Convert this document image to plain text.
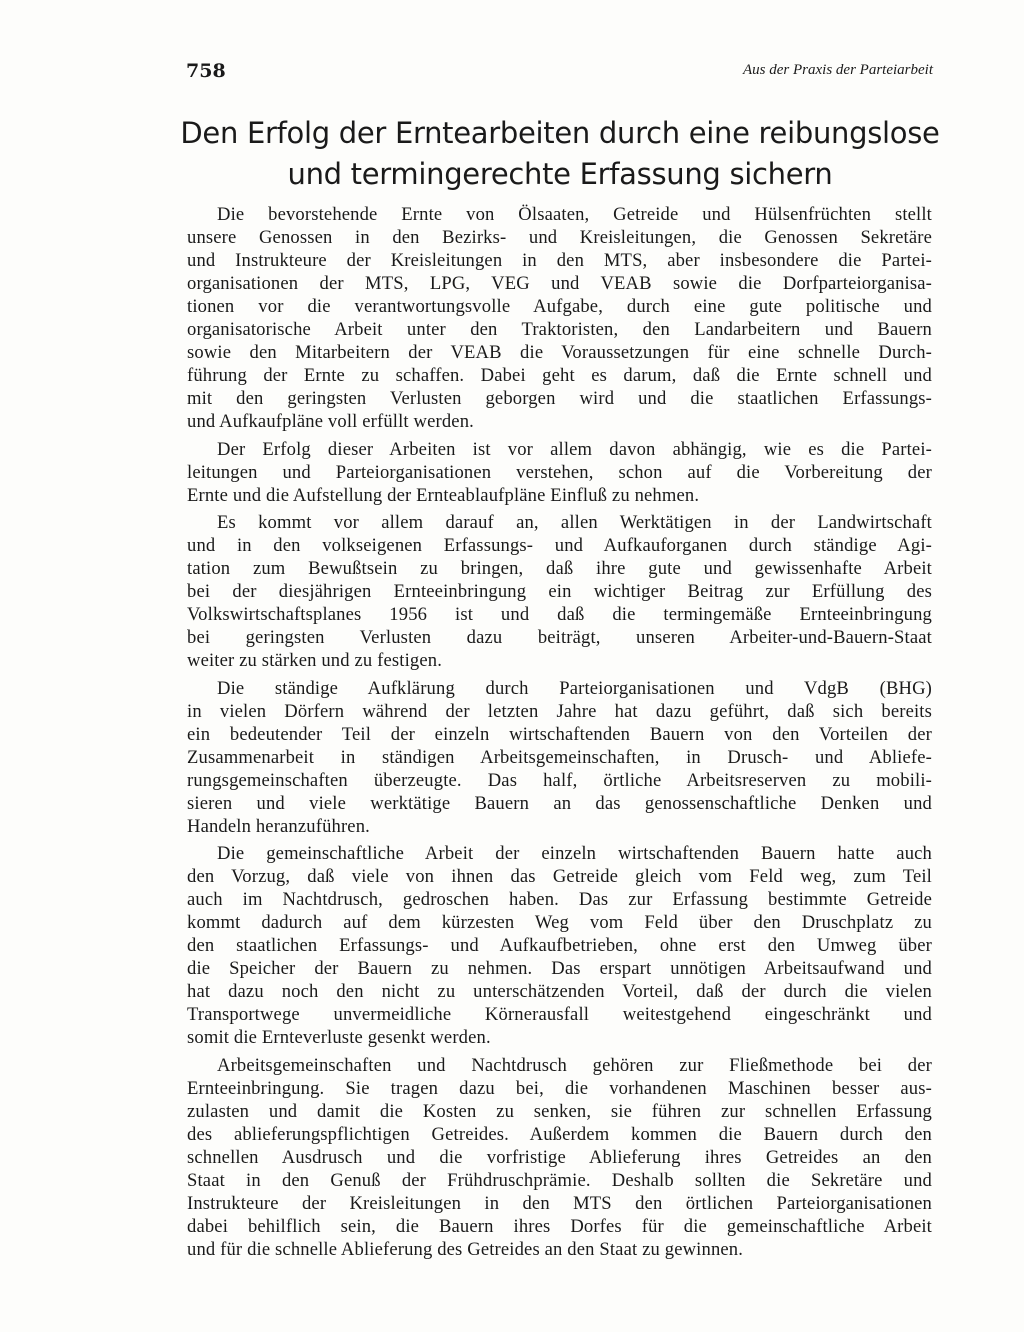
758	Aus der Praxis der Parteiarbeit
Den Erfolg der Erntearbeiten durch eine reibungslose
und termingerechte Erfassung sichern

Die bevorstehende Ernte von Ölsaaten, Getreide und Hülsenfrüchten stellt
unsere Genossen in den Bezirks- und Kreisleitungen, die Genossen Sekretäre
und Instrukteure der Kreisleitungen in den MTS, aber insbesondere die Partei-
organisationen der MTS, LPG, VEG und VEAB sowie die Dorfparteiorganisa-
tionen vor die verantwortungsvolle Aufgabe, durch eine gute politische und
organisatorische Arbeit unter den Traktoristen, den Landarbeitern und Bauern
sowie den Mitarbeitern der VEAB die Voraussetzungen für eine schnelle Durch-
führung der Ernte zu schaffen. Dabei geht es darum, daß die Ernte schnell und
mit den geringsten Verlusten geborgen wird und die staatlichen Erfassungs-
und Aufkaufpläne voll erfüllt werden.

Der Erfolg dieser Arbeiten ist vor allem davon abhängig, wie es die Partei-
leitungen und Parteiorganisationen verstehen, schon auf die Vorbereitung der
Ernte und die Aufstellung der Ernteablaufpläne Einfluß zu nehmen.

Es kommt vor allem darauf an, allen Werktätigen in der Landwirtschaft
und in den volkseigenen Erfassungs- und Aufkauforganen durch ständige Agi-
tation zum Bewußtsein zu bringen, daß ihre gute und gewissenhafte Arbeit
bei der diesjährigen Ernteeinbringung ein wichtiger Beitrag zur Erfüllung des
Volkswirtschaftsplanes 1956 ist und daß die termingemäße Ernteeinbringung
bei geringsten Verlusten dazu beiträgt, unseren Arbeiter-und-Bauern-Staat
weiter zu stärken und zu festigen.

Die ständige Aufklärung durch Parteiorganisationen und VdgB (BHG)
in vielen Dörfern während der letzten Jahre hat dazu geführt, daß sich bereits
ein bedeutender Teil der einzeln wirtschaftenden Bauern von den Vorteilen der
Zusammenarbeit in ständigen Arbeitsgemeinschaften, in Drusch- und Abliefe-
rungsgemeinschaften überzeugte. Das half, örtliche Arbeitsreserven zu mobili-
sieren und viele werktätige Bauern an das genossenschaftliche Denken und
Handeln heranzuführen.

Die gemeinschaftliche Arbeit der einzeln wirtschaftenden Bauern hatte auch
den Vorzug, daß viele von ihnen das Getreide gleich vom Feld weg, zum Teil
auch im Nachtdrusch, gedroschen haben. Das zur Erfassung bestimmte Getreide
kommt dadurch auf dem kürzesten Weg vom Feld über den Druschplatz zu
den staatlichen Erfassungs- und Aufkaufbetrieben, ohne erst den Umweg über
die Speicher der Bauern zu nehmen. Das erspart unnötigen Arbeitsaufwand und
hat dazu noch den nicht zu unterschätzenden Vorteil, daß der durch die vielen
Transportwege unvermeidliche Körnerausfall weitestgehend eingeschränkt und
somit die Ernteverluste gesenkt werden.

Arbeitsgemeinschaften und Nachtdrusch gehören zur Fließmethode bei der
Ernteeinbringung. Sie tragen dazu bei, die vorhandenen Maschinen besser aus-
zulasten und damit die Kosten zu senken, sie führen zur schnellen Erfassung
des ablieferungspflichtigen Getreides. Außerdem kommen die Bauern durch den
schnellen Ausdrusch und die vorfristige Ablieferung ihres Getreides an den
Staat in den Genuß der Frühdruschprämie. Deshalb sollten die Sekretäre und
Instrukteure der Kreisleitungen in den MTS den örtlichen Parteiorganisationen
dabei behilflich sein, die Bauern ihres Dorfes für die gemeinschaftliche Arbeit
und für die schnelle Ablieferung des Getreides an den Staat zu gewinnen.
